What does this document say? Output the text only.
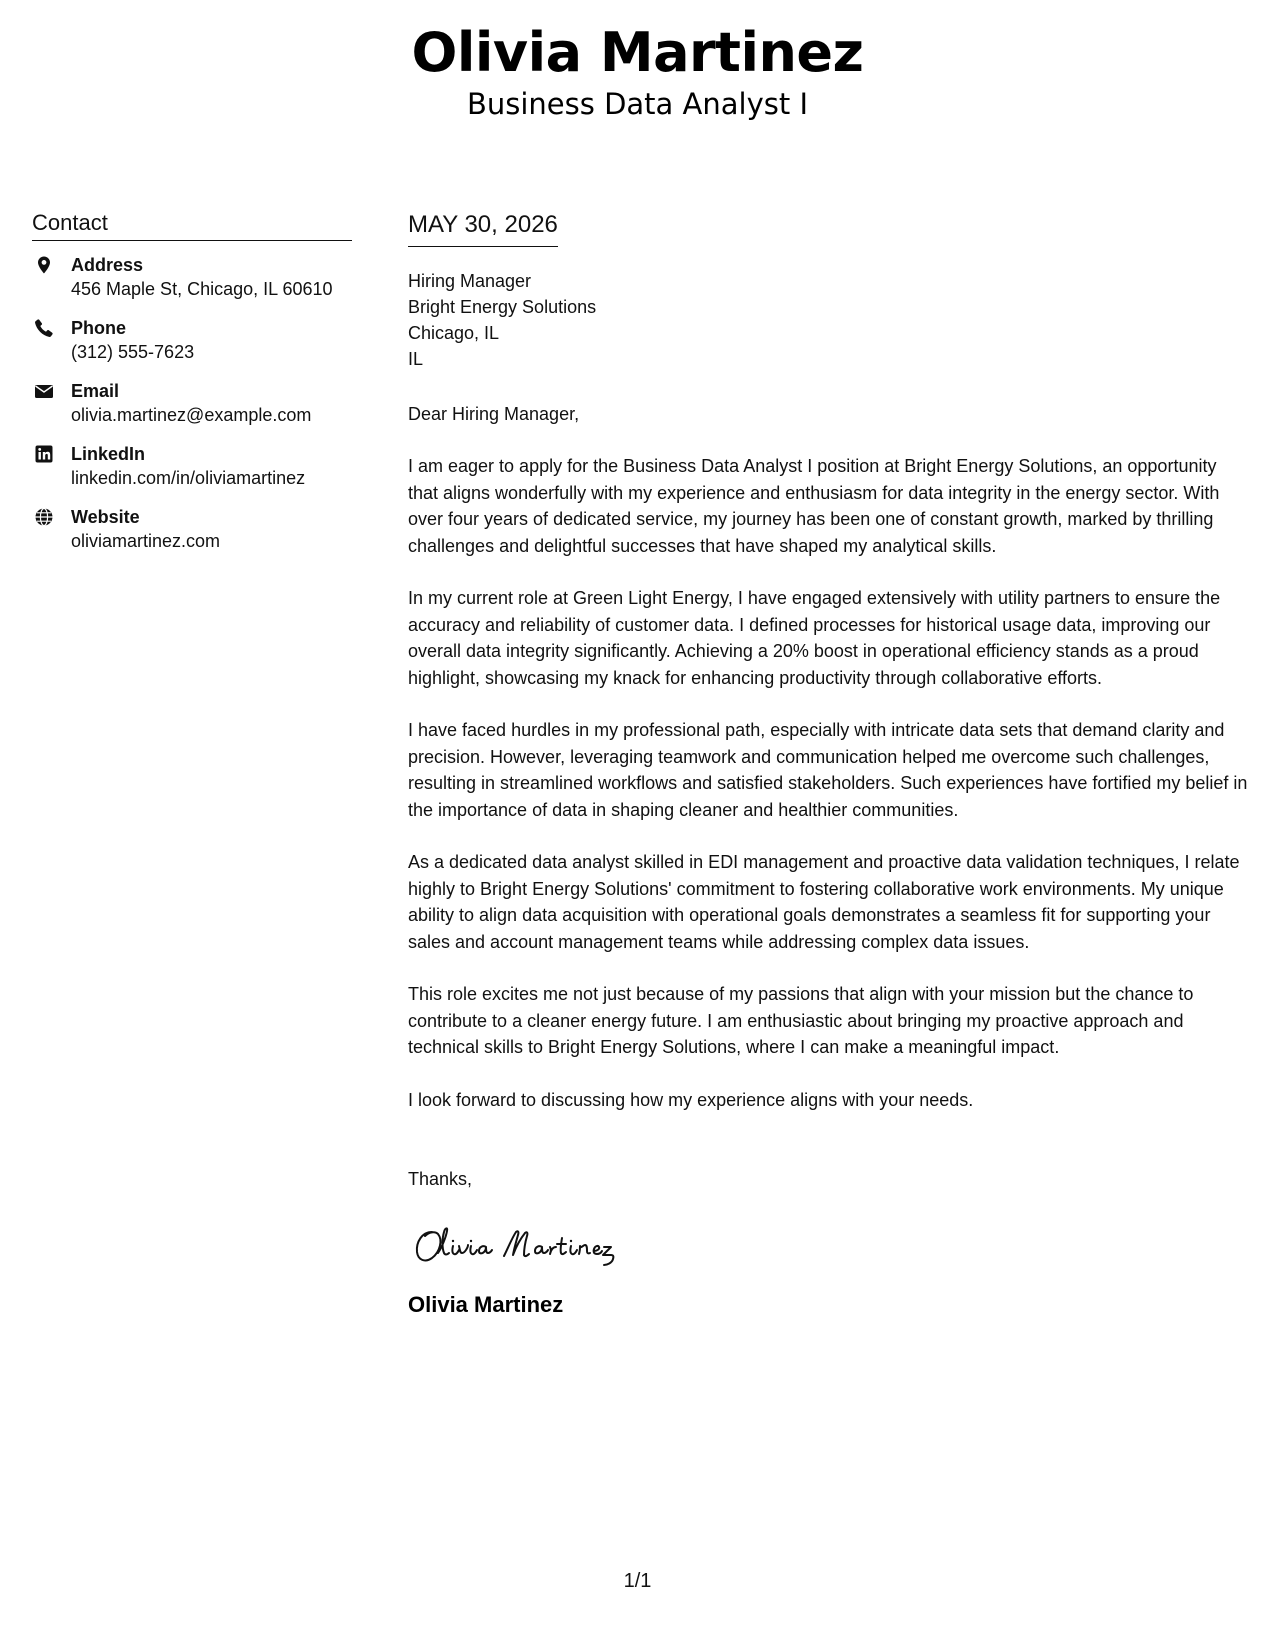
Olivia Martinez
Business Data Analyst I
Contact
Address
456 Maple St, Chicago, IL 60610
Phone
(312) 555-7623
Email
olivia.martinez@example.com
LinkedIn
linkedin.com/in/oliviamartinez
Website
oliviamartinez.com
MAY 30, 2026
Hiring Manager
Bright Energy Solutions
Chicago, IL
IL
Dear Hiring Manager,
I am eager to apply for the Business Data Analyst I position at Bright Energy Solutions, an opportunity that aligns wonderfully with my experience and enthusiasm for data integrity in the energy sector. With over four years of dedicated service, my journey has been one of constant growth, marked by thrilling challenges and delightful successes that have shaped my analytical skills.
In my current role at Green Light Energy, I have engaged extensively with utility partners to ensure the accuracy and reliability of customer data. I defined processes for historical usage data, improving our overall data integrity significantly. Achieving a 20% boost in operational efficiency stands as a proud highlight, showcasing my knack for enhancing productivity through collaborative efforts.
I have faced hurdles in my professional path, especially with intricate data sets that demand clarity and precision. However, leveraging teamwork and communication helped me overcome such challenges, resulting in streamlined workflows and satisfied stakeholders. Such experiences have fortified my belief in the importance of data in shaping cleaner and healthier communities.
As a dedicated data analyst skilled in EDI management and proactive data validation techniques, I relate highly to Bright Energy Solutions' commitment to fostering collaborative work environments. My unique ability to align data acquisition with operational goals demonstrates a seamless fit for supporting your sales and account management teams while addressing complex data issues.
This role excites me not just because of my passions that align with your mission but the chance to contribute to a cleaner energy future. I am enthusiastic about bringing my proactive approach and technical skills to Bright Energy Solutions, where I can make a meaningful impact.
I look forward to discussing how my experience aligns with your needs.
Thanks,
Olivia Martinez
1/1
